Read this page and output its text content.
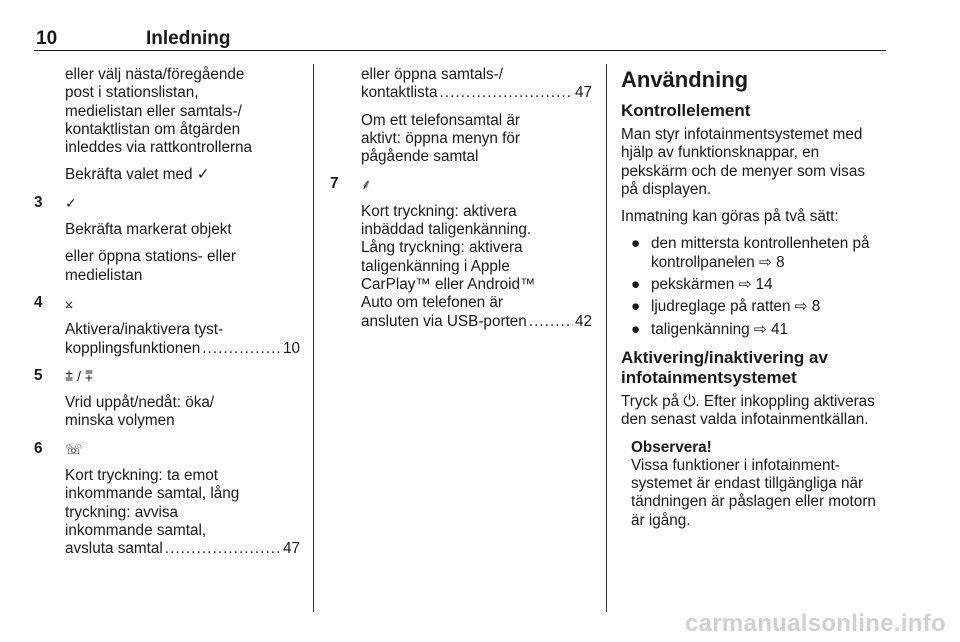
10	Inledning
eller välj nästa/föregående
post i stationslistan,
medielistan eller samtals-/
kontaktlistan om åtgärden
inleddes via rattkontrollerna
Bekräfta valet med ✓
3	✓
Bekräfta markerat objekt
eller öppna stations- eller
medielistan
4	⨲
Aktivera/inaktivera tyst-
kopplingsfunktionen . . .	10
5	⩲ / ⩱
Vrid uppåt/nedåt: öka/
minska volymen
6	☏
Kort tryckning: ta emot
inkommande samtal, lång
tryckning: avvisa
inkommande samtal,
avsluta samtal . . .	47
eller öppna samtals-/
kontaktlista . . .	47
Om ett telefonsamtal är
aktivt: öppna menyn för
pågående samtal
7	⸙
Kort tryckning: aktivera
inbäddad taligenkänning.
Lång tryckning: aktivera
taligenkänning i Apple
CarPlay™ eller Android™
Auto om telefonen är
ansluten via USB-porten . . .	42
Användning
Kontrollelement
Man styr infotainmentsystemet med
hjälp av funktionsknappar, en
pekskärm och de menyer som visas
på displayen.
Inmatning kan göras på två sätt:
● den mittersta kontrollenheten på
kontrollpanelen ⇨ 8
● pekskärmen ⇨ 14
● ljudreglage på ratten ⇨ 8
● taligenkänning ⇨ 41
Aktivering/inaktivering av
infotainmentsystemet
Tryck på ⏻. Efter inkoppling aktiveras
den senast valda infotainmentkällan.
Observera!
Vissa funktioner i infotainment-
systemet är endast tillgängliga när
tändningen är påslagen eller motorn
är igång.
carmanualsonline.info
